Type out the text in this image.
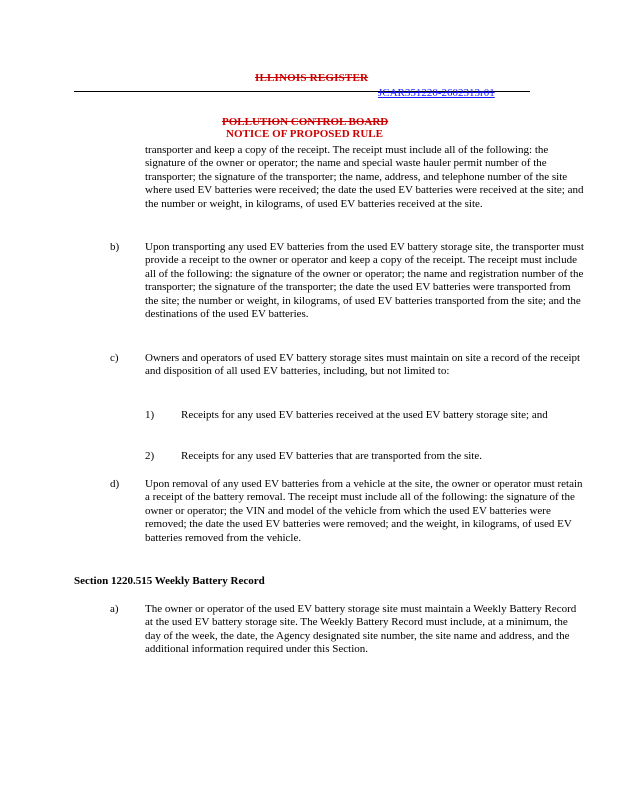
ILLINOIS REGISTER
JCAR351220-2602313r01
POLLUTION CONTROL BOARD
NOTICE OF PROPOSED RULE

transporter and keep a copy of the receipt. The receipt must include all of the following: the signature of the owner or operator; the name and special waste hauler permit number of the transporter; the signature of the transporter; the name, address, and telephone number of the site where used EV batteries were received; the date the used EV batteries were received at the site; and the number or weight, in kilograms, of used EV batteries received at the site.

b) Upon transporting any used EV batteries from the used EV battery storage site, the transporter must provide a receipt to the owner or operator and keep a copy of the receipt. The receipt must include all of the following: the signature of the owner or operator; the name and registration number of the transporter; the signature of the transporter; the date the used EV batteries were transported from the site; the number or weight, in kilograms, of used EV batteries transported from the site; and the destinations of the used EV batteries.

c) Owners and operators of used EV battery storage sites must maintain on site a record of the receipt and disposition of all used EV batteries, including, but not limited to:

1) Receipts for any used EV batteries received at the used EV battery storage site; and

2) Receipts for any used EV batteries that are transported from the site.

d) Upon removal of any used EV batteries from a vehicle at the site, the owner or operator must retain a receipt of the battery removal. The receipt must include all of the following: the signature of the owner or operator; the VIN and model of the vehicle from which the used EV batteries were removed; the date the used EV batteries were removed; and the weight, in kilograms, of used EV batteries removed from the vehicle.

Section 1220.515 Weekly Battery Record
a) The owner or operator of the used EV battery storage site must maintain a Weekly Battery Record at the used EV battery storage site. The Weekly Battery Record must include, at a minimum, the day of the week, the date, the Agency designated site number, the site name and address, and the additional information required under this Section.
